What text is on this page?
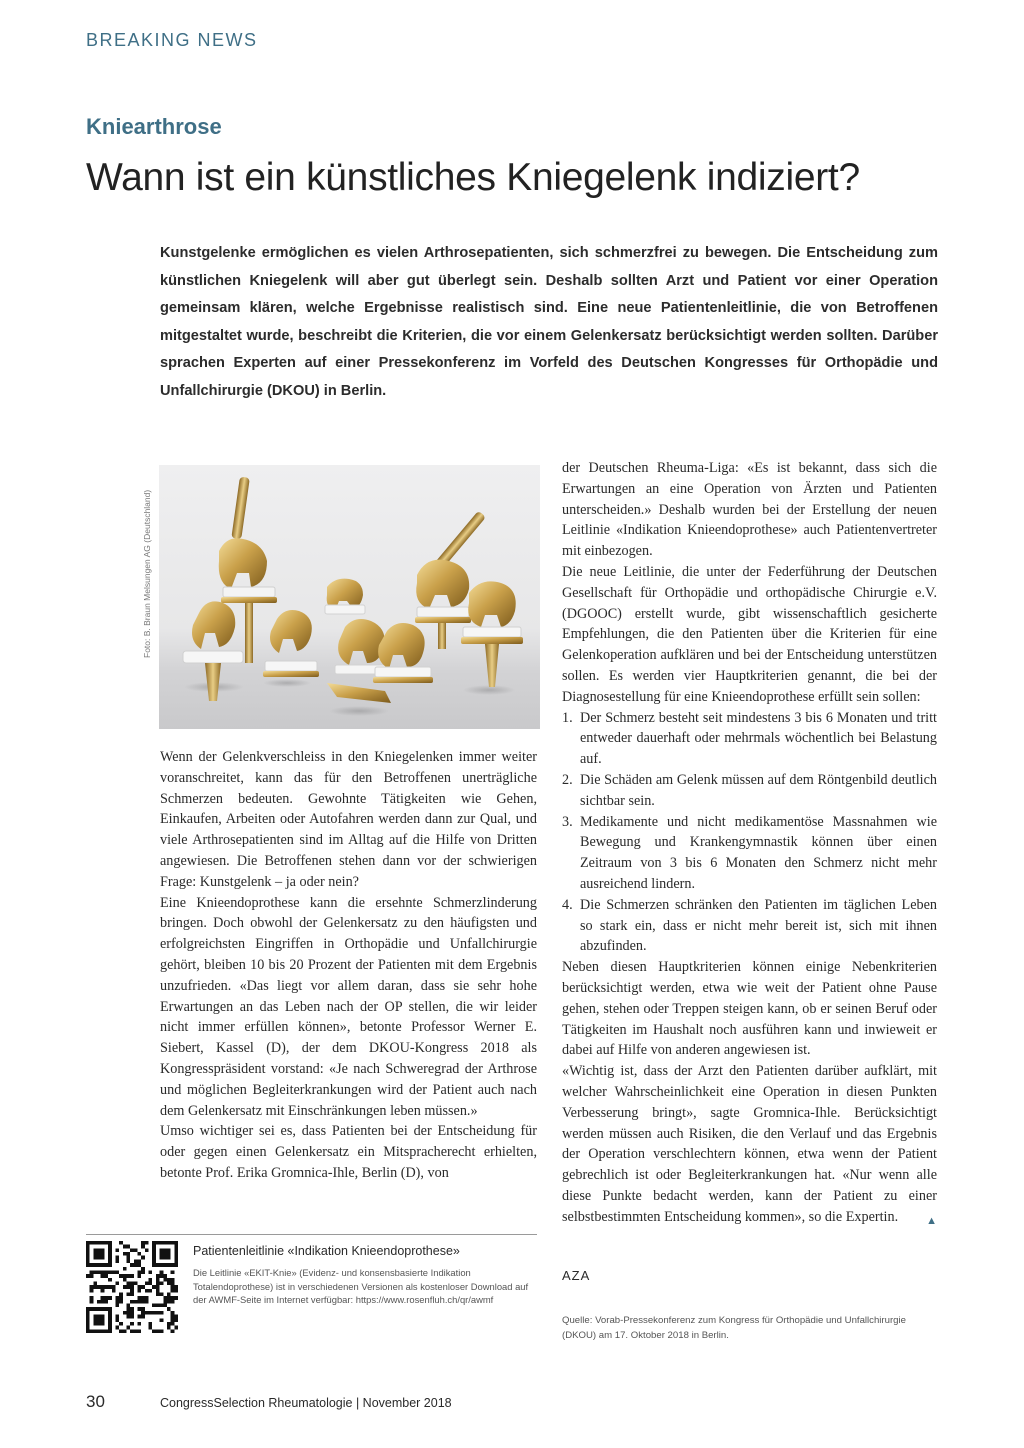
BREAKING NEWS
Kniearthrose
Wann ist ein künstliches Kniegelenk indiziert?

Kunstgelenke ermöglichen es vielen Arthrosepatienten, sich schmerzfrei zu bewegen. Die Entscheidung zum künstlichen Kniegelenk will aber gut überlegt sein. Deshalb sollten Arzt und Patient vor einer Operation gemeinsam klären, welche Ergebnisse realistisch sind. Eine neue Patientenleitlinie, die von Betroffenen mitgestaltet wurde, beschreibt die Kriterien, die vor einem Gelenkersatz berücksichtigt werden sollten. Darüber sprachen Experten auf einer Pressekonferenz im Vorfeld des Deutschen Kongresses für Orthopädie und Unfallchirurgie (DKOU) in Berlin.

Foto: B. Braun Melsungen AG (Deutschland)

Wenn der Gelenkverschleiss in den Kniegelenken immer weiter voranschreitet, kann das für den Betroffenen unerträgliche Schmerzen bedeuten. Gewohnte Tätigkeiten wie Gehen, Einkaufen, Arbeiten oder Autofahren werden dann zur Qual, und viele Arthrosepatienten sind im Alltag auf die Hilfe von Dritten angewiesen. Die Betroffenen stehen dann vor der schwierigen Frage: Kunstgelenk – ja oder nein?

Eine Knieendoprothese kann die ersehnte Schmerzlinderung bringen. Doch obwohl der Gelenkersatz zu den häufigsten und erfolgreichsten Eingriffen in Orthopädie und Unfallchirurgie gehört, bleiben 10 bis 20 Prozent der Patienten mit dem Ergebnis unzufrieden. «Das liegt vor allem daran, dass sie sehr hohe Erwartungen an das Leben nach der OP stellen, die wir leider nicht immer erfüllen können», betonte Professor Werner E. Siebert, Kassel (D), der dem DKOU-Kongress 2018 als Kongresspräsident vorstand: «Je nach Schweregrad der Arthrose und möglichen Begleiterkrankungen wird der Patient auch nach dem Gelenkersatz mit Einschränkungen leben müssen.»

Umso wichtiger sei es, dass Patienten bei der Entscheidung für oder gegen einen Gelenkersatz ein Mitspracherecht erhielten, betonte Prof. Erika Gromnica-Ihle, Berlin (D), von

der Deutschen Rheuma-Liga: «Es ist bekannt, dass sich die Erwartungen an eine Operation von Ärzten und Patienten unterscheiden.» Deshalb wurden bei der Erstellung der neuen Leitlinie «Indikation Knieendoprothese» auch Patientenvertreter mit einbezogen.

Die neue Leitlinie, die unter der Federführung der Deutschen Gesellschaft für Orthopädie und orthopädische Chirurgie e.V. (DGOOC) erstellt wurde, gibt wissenschaftlich gesicherte Empfehlungen, die den Patienten über die Kriterien für eine Gelenkoperation aufklären und bei der Entscheidung unterstützen sollen. Es werden vier Hauptkriterien genannt, die bei der Diagnosestellung für eine Knieendoprothese erfüllt sein sollen:

1. Der Schmerz besteht seit mindestens 3 bis 6 Monaten und tritt entweder dauerhaft oder mehrmals wöchentlich bei Belastung auf.
2. Die Schäden am Gelenk müssen auf dem Röntgenbild deutlich sichtbar sein.
3. Medikamente und nicht medikamentöse Massnahmen wie Bewegung und Krankengymnastik können über einen Zeitraum von 3 bis 6 Monaten den Schmerz nicht mehr ausreichend lindern.
4. Die Schmerzen schränken den Patienten im täglichen Leben so stark ein, dass er nicht mehr bereit ist, sich mit ihnen abzufinden.

Neben diesen Hauptkriterien können einige Nebenkriterien berücksichtigt werden, etwa wie weit der Patient ohne Pause gehen, stehen oder Treppen steigen kann, ob er seinen Beruf oder Tätigkeiten im Haushalt noch ausführen kann und inwieweit er dabei auf Hilfe von anderen angewiesen ist.

«Wichtig ist, dass der Arzt den Patienten darüber aufklärt, mit welcher Wahrscheinlichkeit eine Operation in diesen Punkten Verbesserung bringt», sagte Gromnica-Ihle. Berücksichtigt werden müssen auch Risiken, die den Verlauf und das Ergebnis der Operation verschlechtern können, etwa wenn der Patient gebrechlich ist oder Begleiterkrankungen hat. «Nur wenn alle diese Punkte bedacht werden, kann der Patient zu einer selbstbestimmten Entscheidung kommen», so die Expertin.	▲

Patientenleitlinie «Indikation Knieendoprothese»

Die Leitlinie «EKIT-Knie» (Evidenz- und konsensbasierte Indikation Totalendoprothese) ist in verschiedenen Versionen als kostenloser Download auf der AWMF-Seite im Internet verfügbar: https://www.rosenfluh.ch/qr/awmf

AZA

Quelle: Vorab-Pressekonferenz zum Kongress für Orthopädie und Unfallchirurgie (DKOU) am 17. Oktober 2018 in Berlin.

30	CongressSelection Rheumatologie | November 2018
